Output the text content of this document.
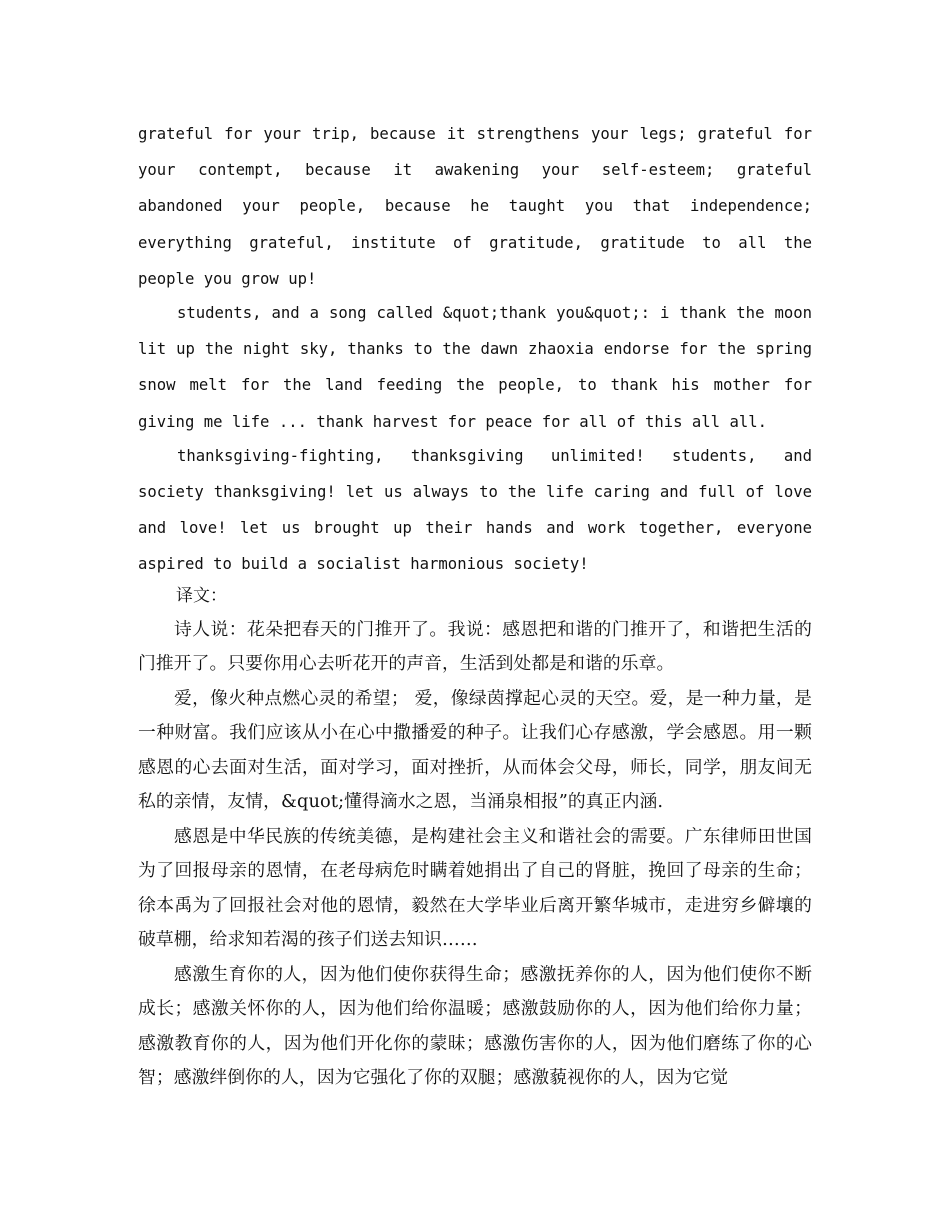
grateful for your trip, because it strengthens your legs; grateful for your contempt, because it awakening your self-esteem; grateful abandoned your people, because he taught you that independence; everything grateful, institute of gratitude, gratitude to all the people you grow up!

students, and a song called &quot;thank you&quot;: i thank the moon lit up the night sky, thanks to the dawn zhaoxia endorse for the spring snow melt for the land feeding the people, to thank his mother for giving me life ... thank harvest for peace for all of this all all.

thanksgiving-fighting, thanksgiving unlimited! students, and society thanksgiving! let us always to the life caring and full of love and love! let us brought up their hands and work together, everyone aspired to build a socialist harmonious society!

译文：

诗人说：花朵把春天的门推开了。我说：感恩把和谐的门推开了，和谐把生活的门推开了。只要你用心去听花开的声音，生活到处都是和谐的乐章。

爱，像火种点燃心灵的希望； 爱，像绿茵撑起心灵的天空。爱，是一种力量，是一种财富。我们应该从小在心中撒播爱的种子。让我们心存感激，学会感恩。用一颗感恩的心去面对生活，面对学习，面对挫折，从而体会父母，师长，同学，朋友间无私的亲情，友情，&quot;懂得滴水之恩，当涌泉相报”的真正内涵.

感恩是中华民族的传统美德，是构建社会主义和谐社会的需要。广东律师田世国为了回报母亲的恩情，在老母病危时瞒着她捐出了自己的肾脏，挽回了母亲的生命；徐本禹为了回报社会对他的恩情，毅然在大学毕业后离开繁华城市，走进穷乡僻壤的破草棚，给求知若渴的孩子们送去知识……

感激生育你的人，因为他们使你获得生命；感激抚养你的人，因为他们使你不断成长；感激关怀你的人，因为他们给你温暖；感激鼓励你的人，因为他们给你力量；感激教育你的人，因为他们开化你的蒙昧；感激伤害你的人，因为他们磨练了你的心智；感激绊倒你的人，因为它强化了你的双腿；感激藐视你的人，因为它觉
